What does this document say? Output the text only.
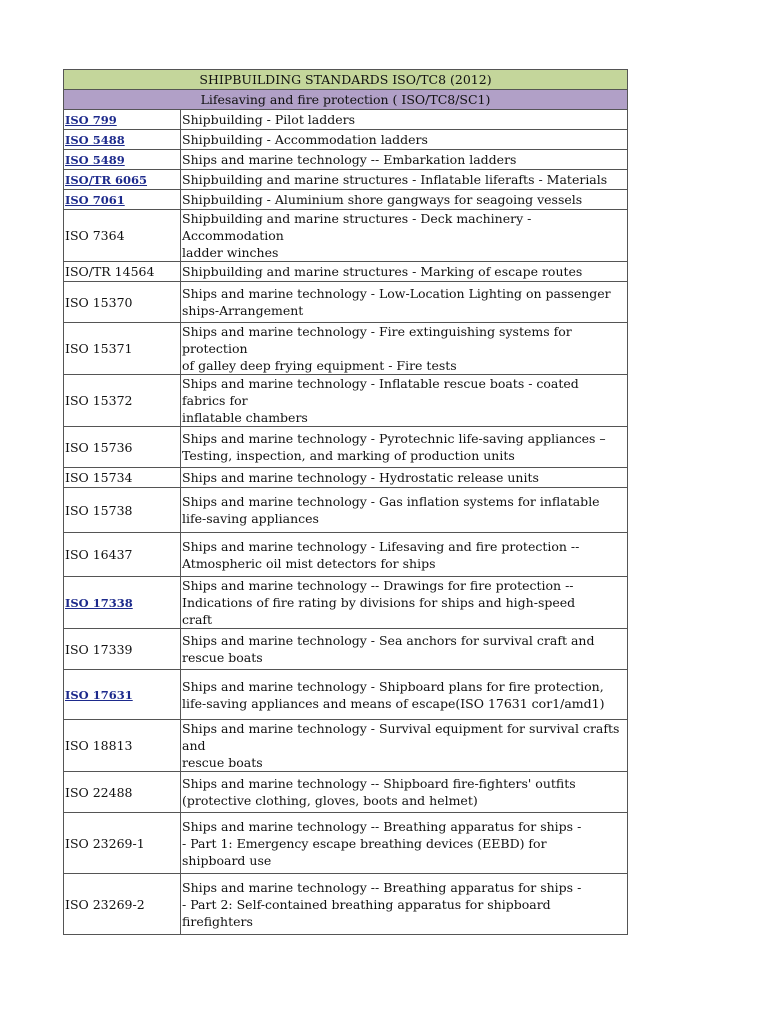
SHIPBUILDING STANDARDS ISO/TC8 (2012)	
Lifesaving and fire protection ( ISO/TC8/SC1)	
ISO 799	Shipbuilding - Pilot ladders
ISO 5488	Shipbuilding - Accommodation ladders
ISO 5489	Ships and marine technology -- Embarkation ladders
ISO/TR 6065	Shipbuilding and marine structures - Inflatable liferafts - Materials
ISO 7061	Shipbuilding - Aluminium shore gangways for seagoing vessels
ISO 7364	Shipbuilding and marine structures - Deck machinery - Accommodation
ladder winches
ISO/TR 14564	Shipbuilding and marine structures - Marking of escape routes
ISO 15370	Ships and marine technology - Low-Location Lighting on passenger
ships-Arrangement
ISO 15371	Ships and marine technology - Fire extinguishing systems for protection
of galley deep frying equipment - Fire tests
ISO 15372	Ships and marine technology - Inflatable rescue boats - coated fabrics for
inflatable chambers
ISO 15736	Ships and marine technology - Pyrotechnic life-saving appliances –
Testing, inspection, and marking of production units
ISO 15734	Ships and marine technology - Hydrostatic release units
ISO 15738	Ships and marine technology - Gas inflation systems for inflatable
life-saving appliances
ISO 16437	Ships and marine technology - Lifesaving and fire protection --
Atmospheric oil mist detectors for ships
ISO 17338	Ships and marine technology -- Drawings for fire protection --
Indications of fire rating by divisions for ships and high-speed
craft
ISO 17339	Ships and marine technology - Sea anchors for survival craft and
rescue boats
ISO 17631	Ships and marine technology - Shipboard plans for fire protection,
life-saving appliances and means of escape(ISO 17631 cor1/amd1)
ISO 18813	Ships and marine technology - Survival equipment for survival crafts and
rescue boats
ISO 22488	Ships and marine technology -- Shipboard fire-fighters' outfits
(protective clothing, gloves, boots and helmet)
ISO 23269-1	Ships and marine technology -- Breathing apparatus for ships -
- Part 1: Emergency escape breathing devices (EEBD) for
shipboard use
ISO 23269-2	Ships and marine technology -- Breathing apparatus for ships -
- Part 2: Self-contained breathing apparatus for shipboard
firefighters
